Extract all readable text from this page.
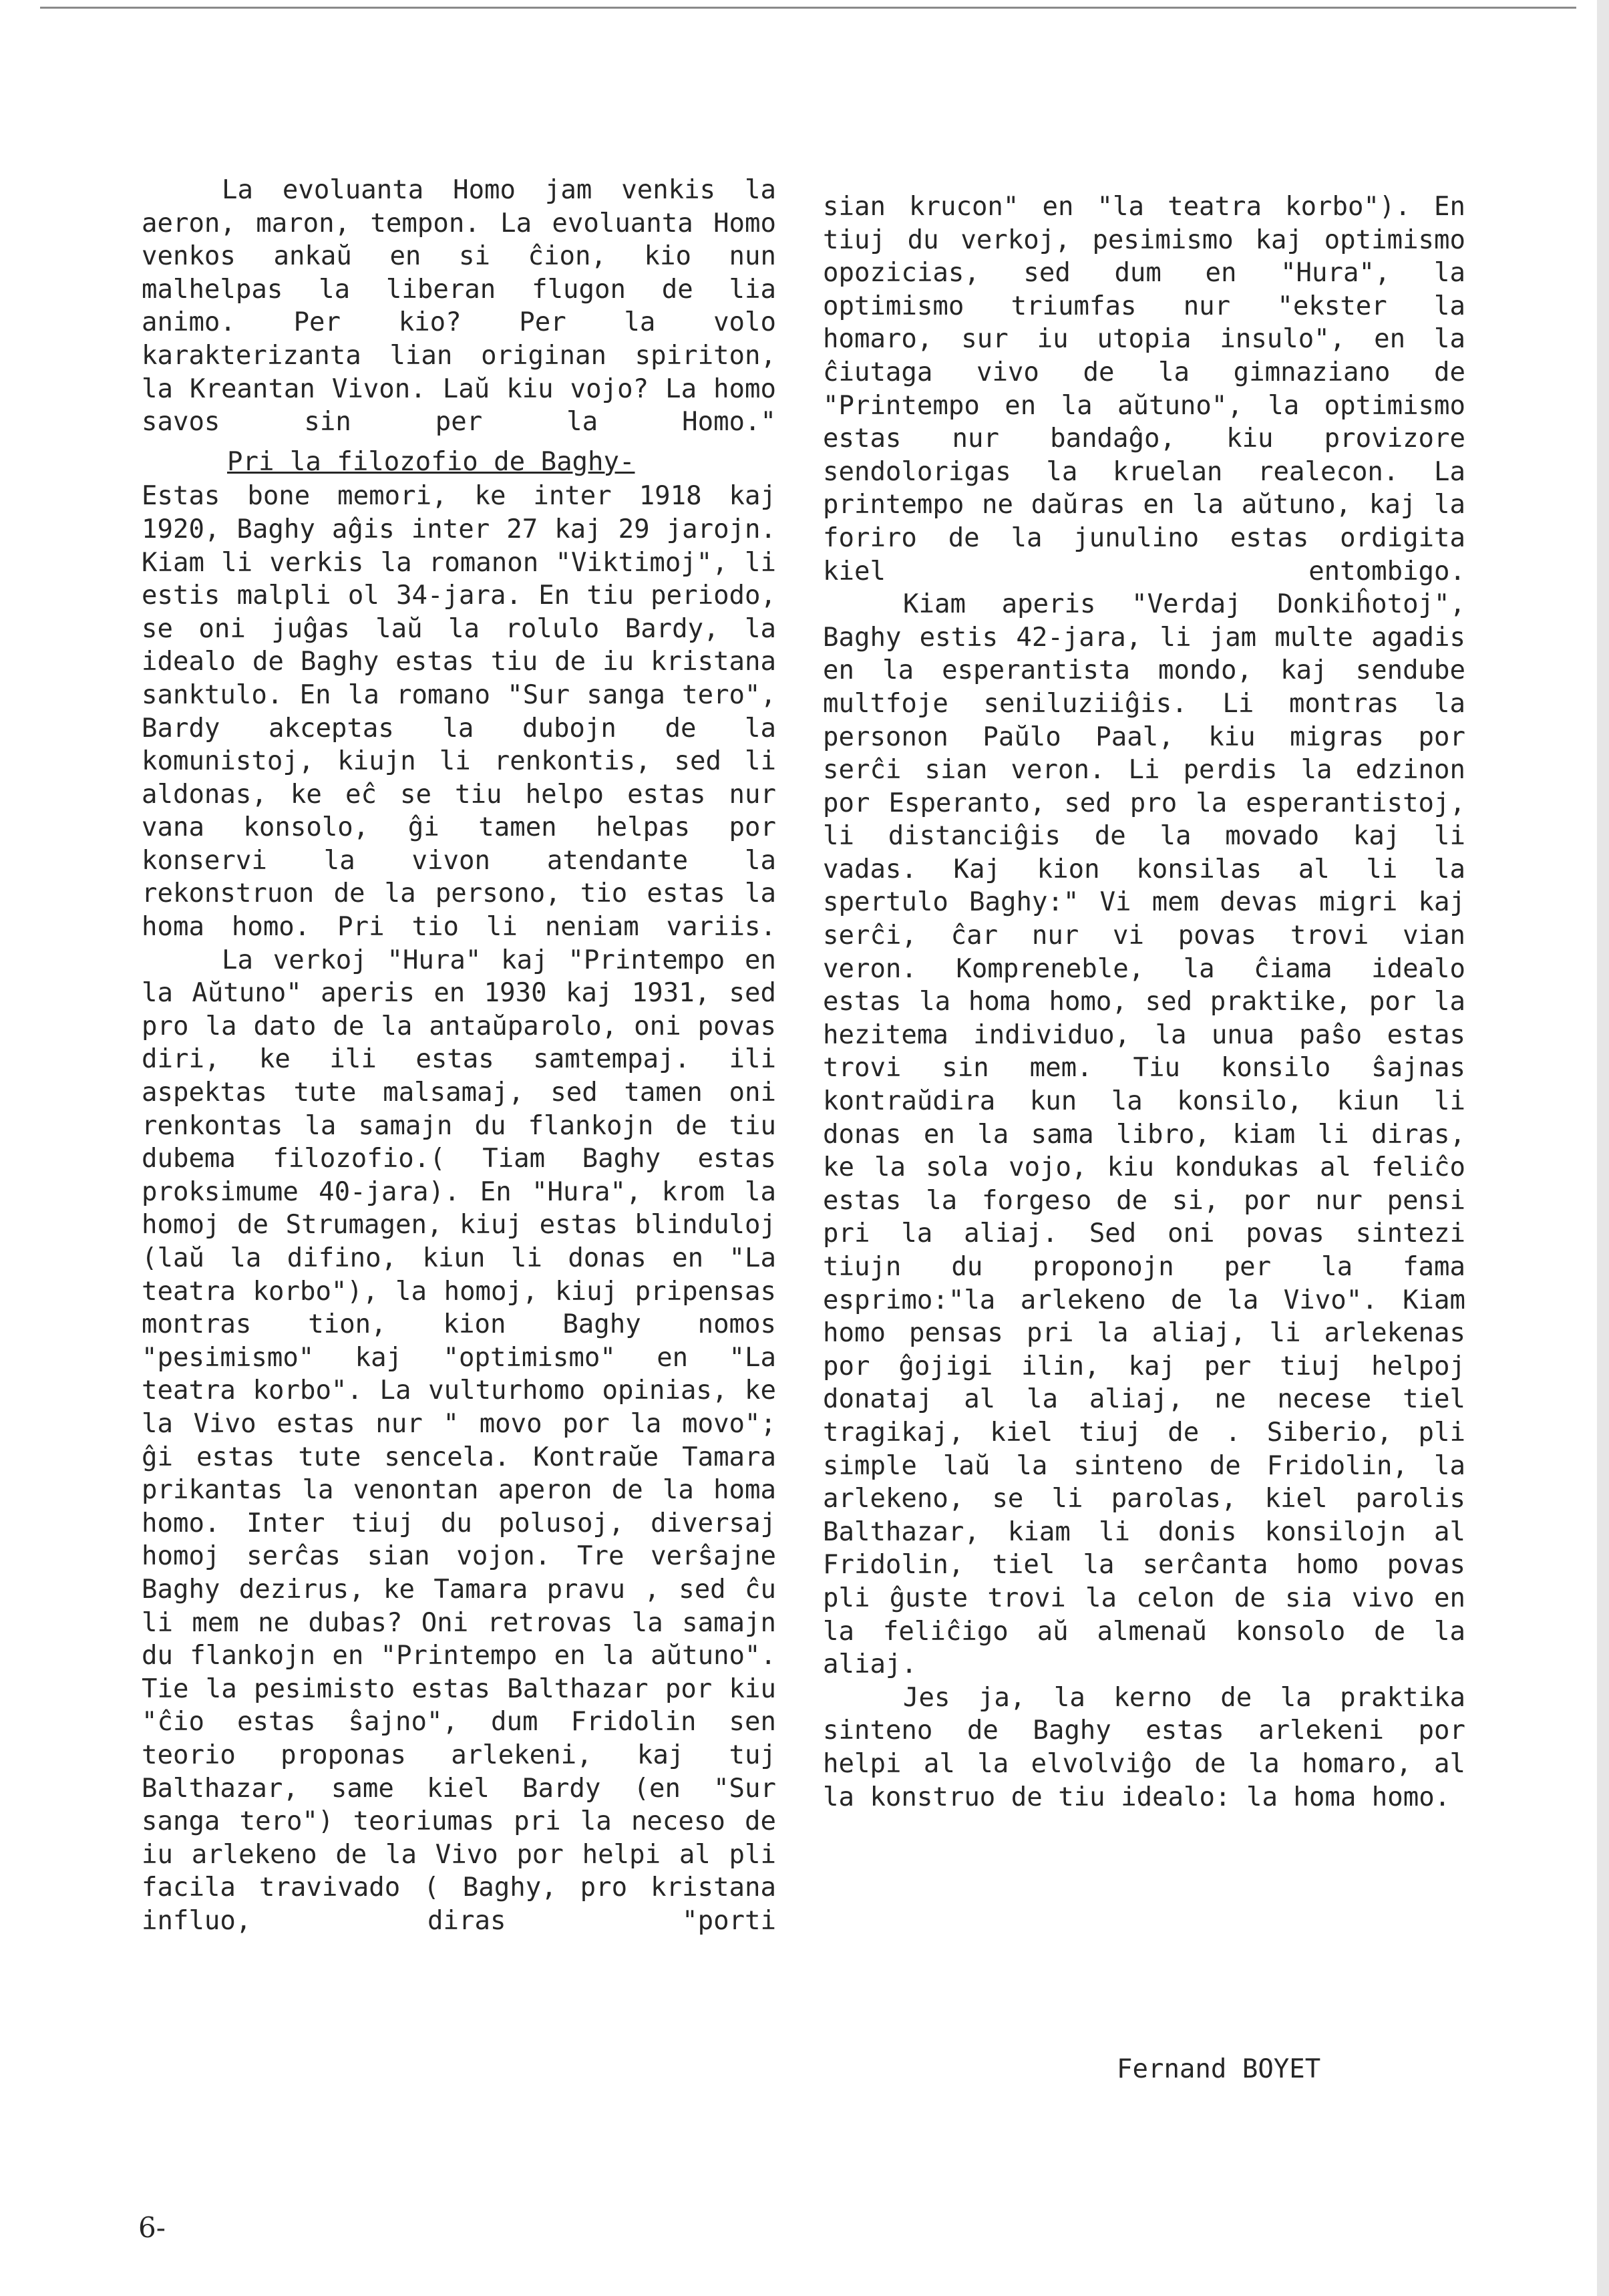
La evoluanta Homo jam venkis la aeron, maron, tempon. La evoluanta Homo venkos ankaŭ en si ĉion, kio nun malhelpas la liberan flugon de lia animo. Per kio? Per la volo karakterizanta lian originan spiriton, la Kreantan Vivon. Laŭ kiu vojo? La homo savos sin per la Homo."

Pri la filozofio de Baghy-

Estas bone memori, ke inter 1918 kaj 1920, Baghy aĝis inter 27 kaj 29 jarojn. Kiam li verkis la romanon "Viktimoj", li estis malpli ol 34-jara. En tiu periodo, se oni juĝas laŭ la rolulo Bardy, la idealo de Baghy estas tiu de iu kristana sanktulo. En la romano "Sur sanga tero", Bardy akceptas la dubojn de la komunistoj, kiujn li renkontis, sed li aldonas, ke eĉ se tiu helpo estas nur vana konsolo, ĝi tamen helpas por konservi la vivon atendante la rekonstruon de la persono, tio estas la homa homo. Pri tio li neniam variis.

La verkoj "Hura" kaj "Printempo en la Aŭtuno" aperis en 1930 kaj 1931, sed pro la dato de la antaŭparolo, oni povas diri, ke ili estas samtempaj. ili aspektas tute malsamaj, sed tamen oni renkontas la samajn du flankojn de tiu dubema filozofio.( Tiam Baghy estas proksimume 40-jara). En "Hura", krom la homoj de Strumagen, kiuj estas blinduloj (laŭ la difino, kiun li donas en "La teatra korbo"), la homoj, kiuj pripensas montras tion, kion Baghy nomos "pesimismo" kaj "optimismo" en "La teatra korbo". La vulturhomo opinias, ke la Vivo estas nur " movo por la movo"; ĝi estas tute sencela. Kontraŭe Tamara prikantas la venontan aperon de la homa homo. Inter tiuj du polusoj, diversaj homoj serĉas sian vojon. Tre verŝajne Baghy dezirus, ke Tamara pravu , sed ĉu li mem ne dubas? Oni retrovas la samajn du flankojn en "Printempo en la aŭtuno". Tie la pesimisto estas Balthazar por kiu "ĉio estas ŝajno", dum Fridolin sen teorio proponas arlekeni, kaj tuj Balthazar, same kiel Bardy (en "Sur sanga tero") teoriumas pri la neceso de iu arlekeno de la Vivo por helpi al pli facila travivado ( Baghy, pro kristana influo, diras "porti

sian krucon" en "la teatra korbo"). En tiuj du verkoj, pesimismo kaj optimismo opozicias, sed dum en "Hura", la optimismo triumfas nur "ekster la homaro, sur iu utopia insulo", en la ĉiutaga vivo de la gimnaziano de "Printempo en la aŭtuno", la optimismo estas nur bandaĝo, kiu provizore sendolorigas la kruelan realecon. La printempo ne daŭras en la aŭtuno, kaj la foriro de la junulino estas ordigita kiel entombigo.

Kiam aperis "Verdaj Donkiĥotoj", Baghy estis 42-jara, li jam multe agadis en la esperantista mondo, kaj sendube multfoje seniluziiĝis. Li montras la personon Paŭlo Paal, kiu migras por serĉi sian veron. Li perdis la edzinon por Esperanto, sed pro la esperantistoj, li distanciĝis de la movado kaj li vadas. Kaj kion konsilas al li la spertulo Baghy:" Vi mem devas migri kaj serĉi, ĉar nur vi povas trovi vian veron. Kompreneble, la ĉiama idealo estas la homa homo, sed praktike, por la hezitema individuo, la unua paŝo estas trovi sin mem. Tiu konsilo ŝajnas kontraŭdira kun la konsilo, kiun li donas en la sama libro, kiam li diras, ke la sola vojo, kiu kondukas al feliĉo estas la forgeso de si, por nur pensi pri la aliaj. Sed oni povas sintezi tiujn du proponojn per la fama esprimo:"la arlekeno de la Vivo". Kiam homo pensas pri la aliaj, li arlekenas por ĝojigi ilin, kaj per tiuj helpoj donataj al la aliaj, ne necese tiel tragikaj, kiel tiuj de . Siberio, pli simple laŭ la sinteno de Fridolin, la arlekeno, se li parolas, kiel parolis Balthazar, kiam li donis konsilojn al Fridolin, tiel la serĉanta homo povas pli ĝuste trovi la celon de sia vivo en la feliĉigo aŭ almenaŭ konsolo de la aliaj.

Jes ja, la kerno de la praktika sinteno de Baghy estas arlekeni por helpi al la elvolviĝo de la homaro, al la konstruo de tiu idealo: la homa homo.

Fernand BOYET
6-
